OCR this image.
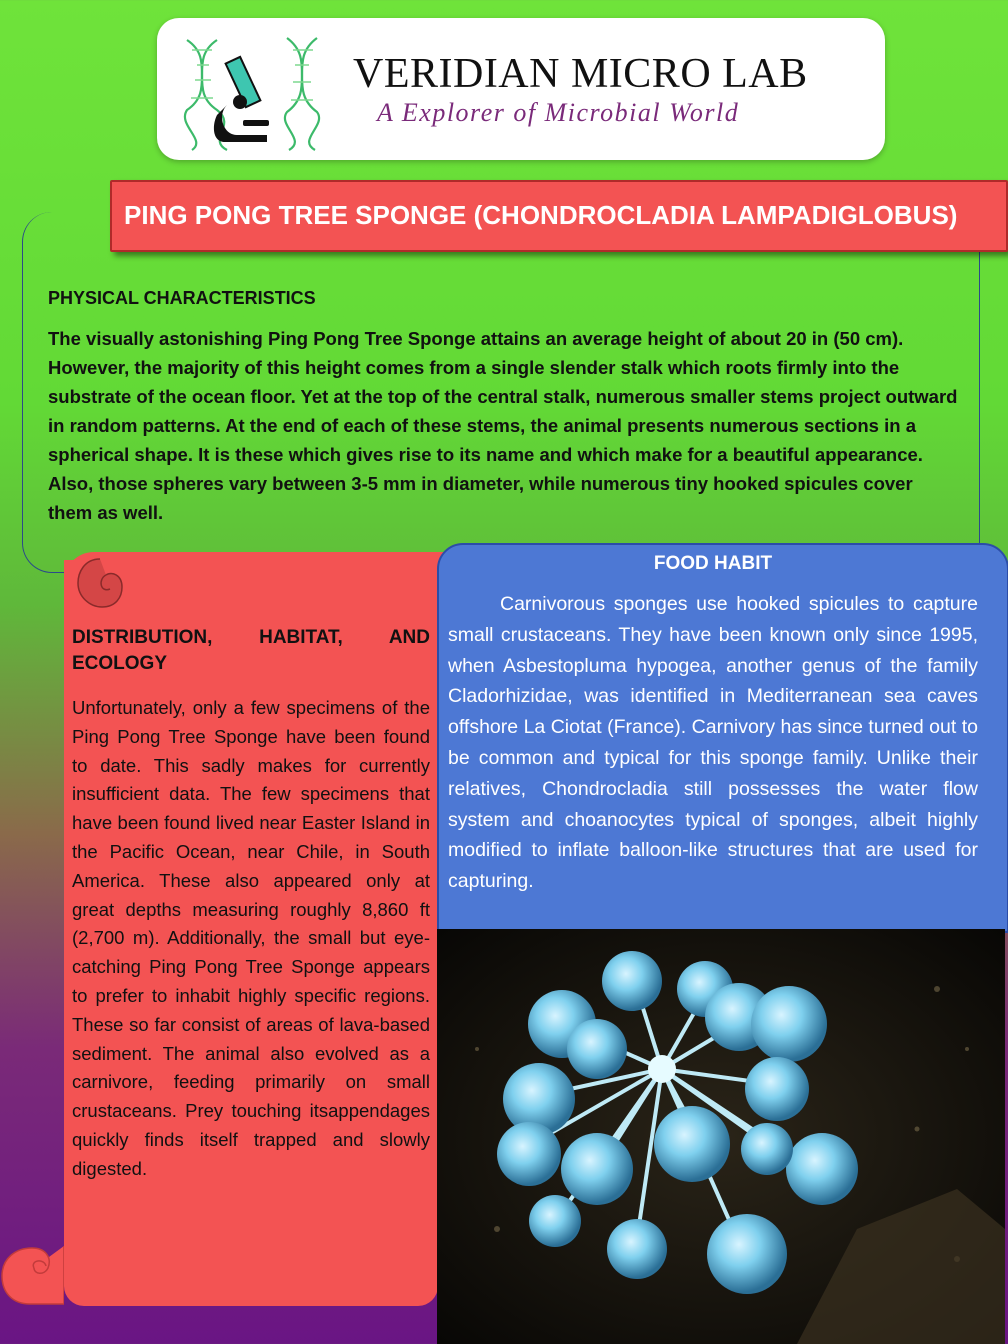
VERIDIAN MICRO LAB
A Explorer of Microbial World
PING PONG TREE SPONGE (CHONDROCLADIA LAMPADIGLOBUS)
PHYSICAL CHARACTERISTICS
The visually astonishing Ping Pong Tree Sponge attains an average height of about 20 in (50 cm). However, the majority of this height comes from a single slender stalk which roots firmly into the substrate of the ocean floor. Yet at the top of the central stalk, numerous smaller stems project outward in random patterns. At the end of each of these stems, the animal presents numerous sections in a spherical shape. It is these which gives rise to its name and which make for a beautiful appearance. Also, those spheres vary between 3-5 mm in diameter, while numerous tiny hooked spicules cover them as well.
DISTRIBUTION, HABITAT, AND
ECOLOGY
Unfortunately, only a few specimens of the Ping Pong Tree Sponge have been found to date. This sadly makes for currently insufficient data. The few specimens that have been found lived near Easter Island in the Pacific Ocean, near Chile, in South America. These also appeared only at great depths measuring roughly 8,860 ft (2,700 m). Additionally, the small but eye-catching Ping Pong Tree Sponge appears to prefer to inhabit highly specific regions. These so far consist of areas of lava-based sediment. The animal also evolved as a carnivore, feeding primarily on small crustaceans. Prey touching itsappendages quickly finds itself trapped and slowly digested.
FOOD HABIT
Carnivorous sponges use hooked spicules to capture small crustaceans. They have been known only since 1995, when Asbestopluma hypogea, another genus of the family Cladorhizidae, was identified in Mediterranean sea caves offshore La Ciotat (France). Carnivory has since turned out to be common and typical for this sponge family. Unlike their relatives, Chondrocladia still possesses the water flow system and choanocytes typical of sponges, albeit highly modified to inflate balloon-like structures that are used for capturing.
